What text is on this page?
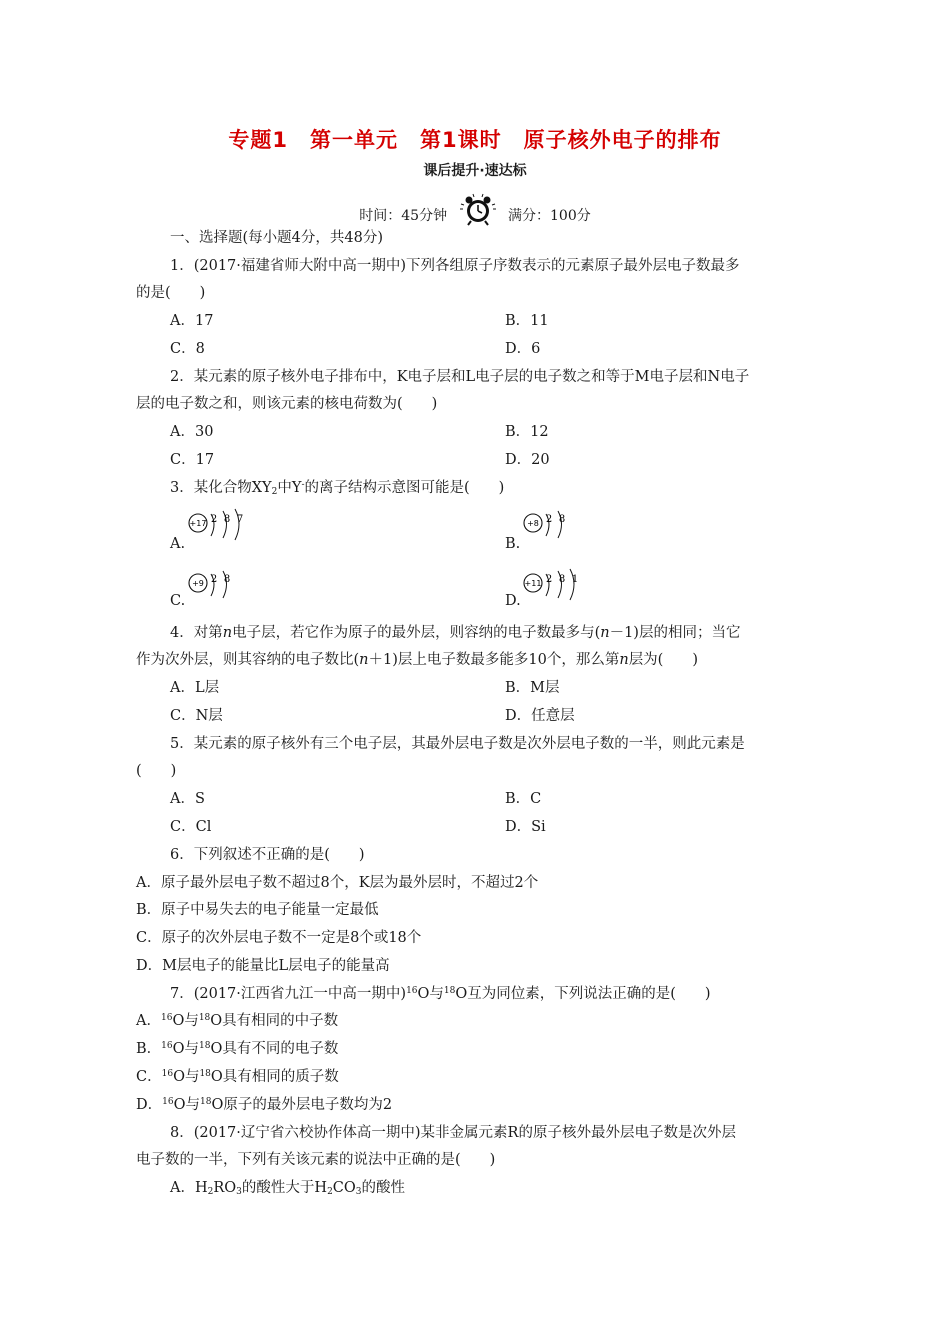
专题1　第一单元　第1课时　原子核外电子的排布
课后提升·速达标
时间：45分钟	满分：100分
一、选择题(每小题4分，共48分)
1．(2017·福建省师大附中高一期中)下列各组原子序数表示的元素原子最外层电子数最多
的是(　　)
A．17	B．11
C．8	D．6
2．某元素的原子核外电子排布中，K电子层和L电子层的电子数之和等于M电子层和N电子
层的电子数之和，则该元素的核电荷数为(　　)
A．30	B．12
C．17	D．20
3．某化合物$XY_2$中Y-的离子结构示意图可能是(　　)
A.
+17 2 8 7
B.
+8 2 8
C.
+9 2 8
D.
+11 2 8 1
4．对第n电子层，若它作为原子的最外层，则容纳的电子数最多与(n－1)层的相同；当它
作为次外层，则其容纳的电子数比(n＋1)层上电子数最多能多10个，那么第n层为(　　)
A．L层	B．M层
C．N层	D．任意层
5．某元素的原子核外有三个电子层，其最外层电子数是次外层电子数的一半，则此元素是
(　　)
A．S	B．C
C．Cl	D．Si
6．下列叙述不正确的是(　　)
A．原子最外层电子数不超过8个，K层为最外层时，不超过2个
B．原子中易失去的电子能量一定最低
C．原子的次外层电子数不一定是8个或18个
D．M层电子的能量比L层电子的能量高
7．(2017·江西省九江一中高一期中)$^{16}$O与$^{18}$O互为同位素，下列说法正确的是(　　)
A．$^{16}$O与$^{18}$O具有相同的中子数
B．$^{16}$O与$^{18}$O具有不同的电子数
C．$^{16}$O与$^{18}$O具有相同的质子数
D．$^{16}$O与$^{18}$O原子的最外层电子数均为2
8．(2017·辽宁省六校协作体高一期中)某非金属元素R的原子核外最外层电子数是次外层
电子数的一半，下列有关该元素的说法中正确的是(　　)
A．$H_2RO_3$的酸性大于$H_2CO_3$的酸性
